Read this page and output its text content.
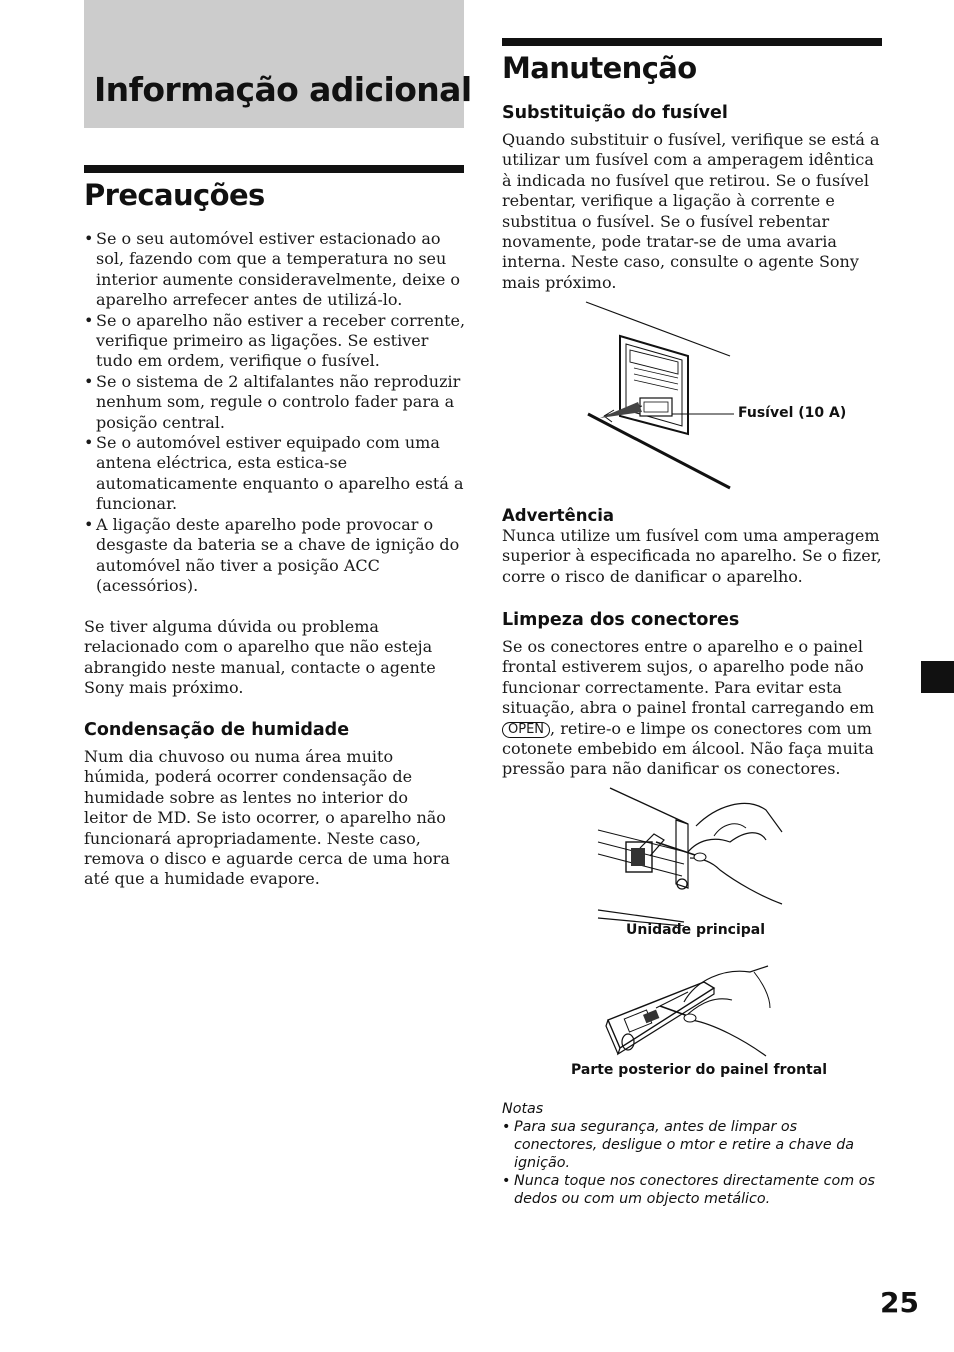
Informação adicional
Precauções
• Se o seu automóvel estiver estacionado ao sol, fazendo com que a temperatura no seu interior aumente consideravelmente, deixe o aparelho arrefecer antes de utilizá-lo.
• Se o aparelho não estiver a receber corrente, verifique primeiro as ligações. Se estiver tudo em ordem, verifique o fusível.
• Se o sistema de 2 altifalantes não reproduzir nenhum som, regule o controlo fader para a posição central.
• Se o automóvel estiver equipado com uma antena eléctrica, esta estica-se automaticamente enquanto o aparelho está a funcionar.
• A ligação deste aparelho pode provocar o desgaste da bateria se a chave de ignição do automóvel não tiver a posição ACC (acessórios).

Se tiver alguma dúvida ou problema relacionado com o aparelho que não esteja abrangido neste manual, contacte o agente Sony mais próximo.

Condensação de humidade

Num dia chuvoso ou numa área muito húmida, poderá ocorrer condensação de humidade sobre as lentes no interior do leitor de MD. Se isto ocorrer, o aparelho não funcionará apropriadamente. Neste caso, remova o disco e aguarde cerca de uma hora até que a humidade evapore.

Manutenção
Substituição do fusível

Quando substituir o fusível, verifique se está a utilizar um fusível com a amperagem idêntica à indicada no fusível que retirou. Se o fusível rebentar, verifique a ligação à corrente e substitua o fusível. Se o fusível rebentar novamente, pode tratar-se de uma avaria interna. Neste caso, consulte o agente Sony mais próximo.

Fusível (10 A)
Advertência

Nunca utilize um fusível com uma amperagem superior à especificada no aparelho. Se o fizer, corre o risco de danificar o aparelho.

Limpeza dos conectores

Se os conectores entre o aparelho e o painel frontal estiverem sujos, o aparelho pode não funcionar correctamente. Para evitar esta situação, abra o painel frontal carregando em
OPEN , retire-o e limpe os conectores com um cotonete embebido em álcool. Não faça muita pressão para não danificar os conectores.

Unidade principal
Parte posterior do painel frontal

Notas

• Para sua segurança, antes de limpar os conectores, desligue o mtor e retire a chave da ignição.
• Nunca toque nos conectores directamente com os dedos ou com um objecto metálico.
25
